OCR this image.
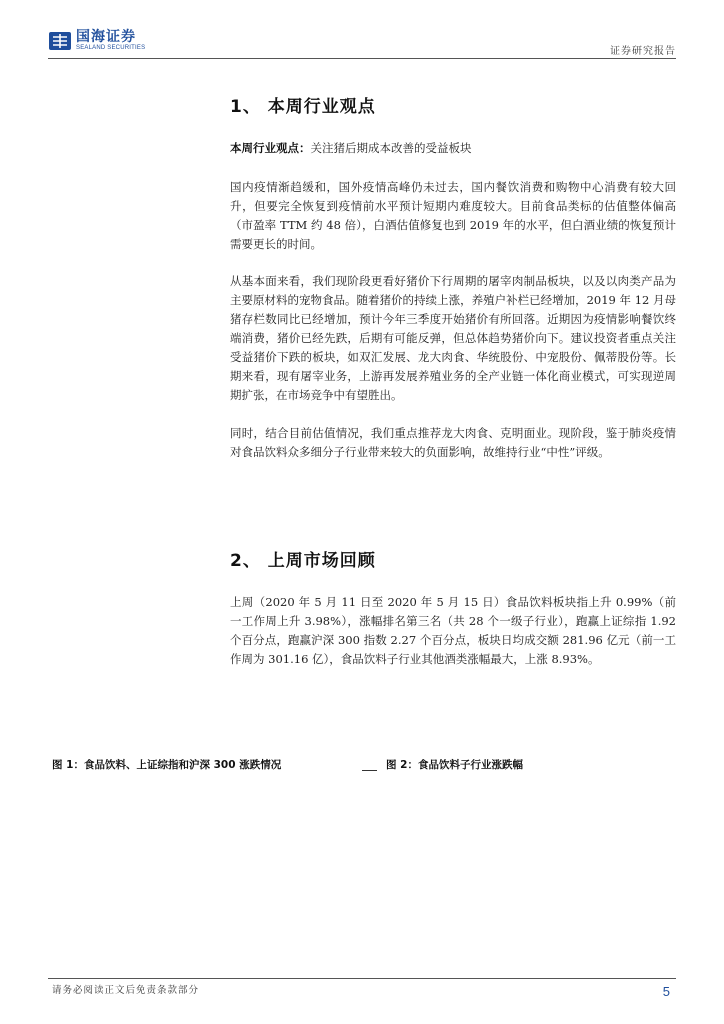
国海证券
SEALAND SECURITIES	证券研究报告
1、 本周行业观点

本周行业观点：关注猪后期成本改善的受益板块

国内疫情渐趋缓和，国外疫情高峰仍未过去，国内餐饮消费和购物中心消费有较大回升，但要完全恢复到疫情前水平预计短期内难度较大。目前食品类标的估值整体偏高（市盈率 TTM 约 48 倍），白酒估值修复也到 2019 年的水平，但白酒业绩的恢复预计需要更长的时间。

从基本面来看，我们现阶段更看好猪价下行周期的屠宰肉制品板块，以及以肉类产品为主要原材料的宠物食品。随着猪价的持续上涨，养殖户补栏已经增加，2019 年 12 月母猪存栏数同比已经增加，预计今年三季度开始猪价有所回落。近期因为疫情影响餐饮终端消费，猪价已经先跌，后期有可能反弹，但总体趋势猪价向下。建议投资者重点关注受益猪价下跌的板块，如双汇发展、龙大肉食、华统股份、中宠股份、佩蒂股份等。长期来看，现有屠宰业务，上游再发展养殖业务的全产业链一体化商业模式，可实现逆周期扩张，在市场竞争中有望胜出。

同时，结合目前估值情况，我们重点推荐龙大肉食、克明面业。现阶段，鉴于肺炎疫情对食品饮料众多细分子行业带来较大的负面影响，故维持行业“中性”评级。

2、 上周市场回顾

上周（2020 年 5 月 11 日至 2020 年 5 月 15 日）食品饮料板块指上升 0.99%（前一工作周上升 3.98%），涨幅排名第三名（共 28 个一级子行业），跑赢上证综指 1.92 个百分点，跑赢沪深 300 指数 2.27 个百分点，板块日均成交额 281.96 亿元（前一工作周为 301.16 亿），食品饮料子行业其他酒类涨幅最大，上涨 8.93%。

图 1：食品饮料、上证综指和沪深 300 涨跌情况	图 2：食品饮料子行业涨跌幅
请务必阅读正文后免责条款部分	5
